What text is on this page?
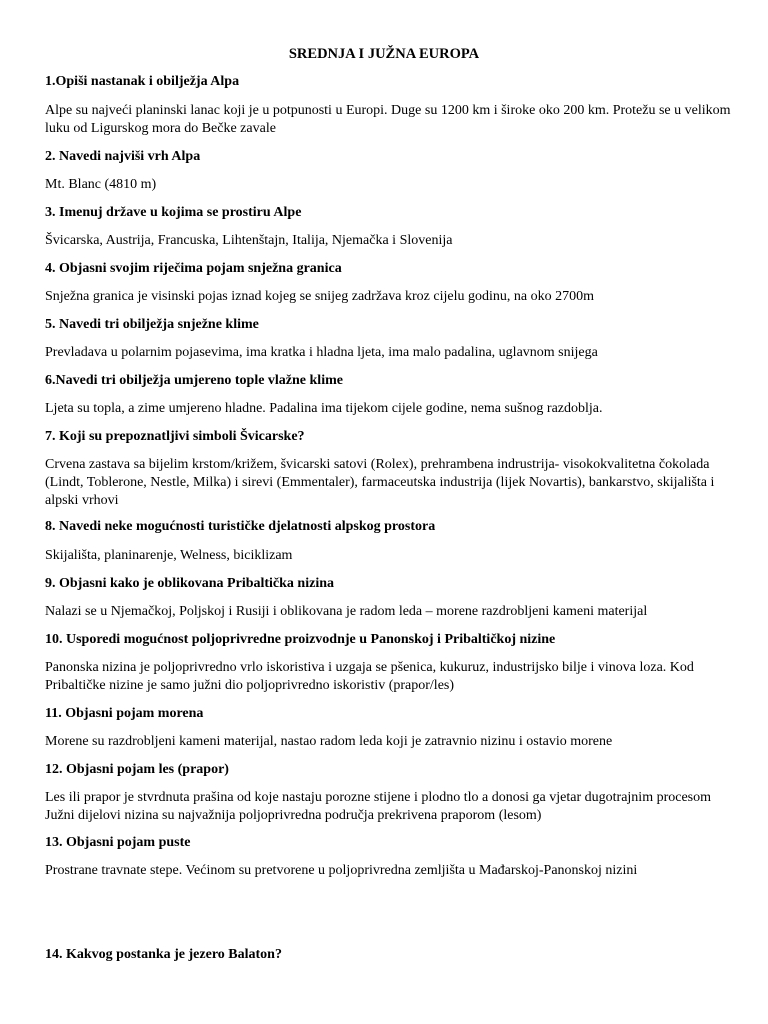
SREDNJA I JUŽNA EUROPA
1.Opiši nastanak i obilježja Alpa
Alpe su najveći planinski lanac koji je u potpunosti u Europi. Duge su 1200 km i široke oko 200 km. Protežu se u velikom
luku od Ligurskog mora do Bečke zavale
2. Navedi najviši vrh Alpa
Mt. Blanc (4810 m)
3. Imenuj države u kojima se prostiru Alpe
Švicarska, Austrija, Francuska, Lihtenštajn, Italija, Njemačka i Slovenija
4. Objasni svojim riječima pojam snježna granica
Snježna granica je visinski pojas iznad kojeg se snijeg zadržava kroz cijelu godinu, na oko 2700m
5. Navedi tri obilježja snježne klime
Prevladava u polarnim pojasevima, ima kratka i hladna ljeta, ima malo padalina, uglavnom snijega
6.Navedi tri obilježja umjereno tople vlažne klime
Ljeta su topla, a zime umjereno hladne. Padalina ima tijekom cijele godine, nema sušnog razdoblja.
7. Koji su prepoznatljivi simboli Švicarske?
Crvena zastava sa bijelim krstom/križem, švicarski satovi (Rolex), prehrambena indrustrija- visokokvalitetna čokolada
(Lindt, Toblerone, Nestle, Milka) i sirevi (Emmentaler), farmaceutska industrija (lijek Novartis), bankarstvo, skijališta i
alpski vrhovi
8. Navedi neke mogućnosti turističke djelatnosti alpskog prostora
Skijališta, planinarenje, Welness, biciklizam
9. Objasni kako je oblikovana Pribaltička nizina
Nalazi se u Njemačkoj, Poljskoj i Rusiji i oblikovana je radom leda – morene razdrobljeni kameni materijal
10. Usporedi mogućnost poljoprivredne proizvodnje u Panonskoj i Pribaltičkoj nizine
Panonska nizina je poljoprivredno vrlo iskoristiva i uzgaja se pšenica, kukuruz, industrijsko bilje i vinova loza. Kod
Pribaltičke nizine je samo južni dio poljoprivredno iskoristiv (prapor/les)
11. Objasni pojam morena
Morene su razdrobljeni kameni materijal, nastao radom leda koji je zatravnio nizinu i ostavio morene
12. Objasni pojam les (prapor)
Les ili prapor je stvrdnuta prašina od koje nastaju porozne stijene i plodno tlo a donosi ga vjetar dugotrajnim procesom
Južni dijelovi nizina su najvažnija poljoprivredna područja prekrivena praporom (lesom)
13. Objasni pojam puste
Prostrane travnate stepe. Većinom su pretvorene u poljoprivredna zemljišta u Mađarskoj-Panonskoj nizini
14. Kakvog postanka je jezero Balaton?
